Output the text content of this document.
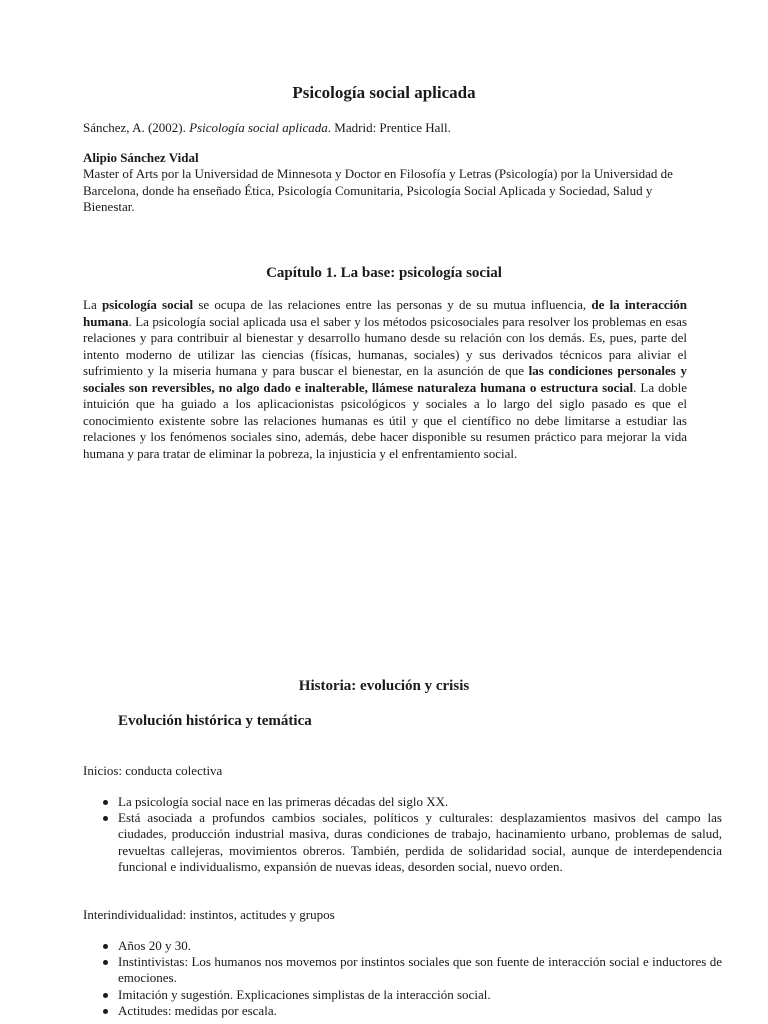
Psicología social aplicada
Sánchez, A. (2002). Psicología social aplicada. Madrid: Prentice Hall.
Alipio Sánchez Vidal
Master of Arts por la Universidad de Minnesota y Doctor en Filosofía y Letras (Psicología) por la Universidad de Barcelona, donde ha enseñado Ética, Psicología Comunitaria, Psicología Social Aplicada y Sociedad, Salud y Bienestar.
Capítulo 1. La base: psicología social
La psicología social se ocupa de las relaciones entre las personas y de su mutua influencia, de la interacción humana. La psicología social aplicada usa el saber y los métodos psicosociales para resolver los problemas en esas relaciones y para contribuir al bienestar y desarrollo humano desde su relación con los demás. Es, pues, parte del intento moderno de utilizar las ciencias (físicas, humanas, sociales) y sus derivados técnicos para aliviar el sufrimiento y la miseria humana y para buscar el bienestar, en la asunción de que las condiciones personales y sociales son reversibles, no algo dado e inalterable, llámese naturaleza humana o estructura social. La doble intuición que ha guiado a los aplicacionistas psicológicos y sociales a lo largo del siglo pasado es que el conocimiento existente sobre las relaciones humanas es útil y que el científico no debe limitarse a estudiar las relaciones y los fenómenos sociales sino, además, debe hacer disponible su resumen práctico para mejorar la vida humana y para tratar de eliminar la pobreza, la injusticia y el enfrentamiento social.
Historia: evolución y crisis
Evolución histórica y temática
Inicios: conducta colectiva
La psicología social nace en las primeras décadas del siglo XX.
Está asociada a profundos cambios sociales, políticos y culturales: desplazamientos masivos del campo las ciudades, producción industrial masiva, duras condiciones de trabajo, hacinamiento urbano, problemas de salud, revueltas callejeras, movimientos obreros. También, perdida de solidaridad social, aunque de interdependencia funcional e individualismo, expansión de nuevas ideas, desorden social, nuevo orden.
Interindividualidad: instintos, actitudes y grupos
Años 20 y 30.
Instintivistas: Los humanos nos movemos por instintos sociales que son fuente de interacción social e inductores de emociones.
Imitación y sugestión. Explicaciones simplistas de la interacción social.
Actitudes: medidas por escala.
